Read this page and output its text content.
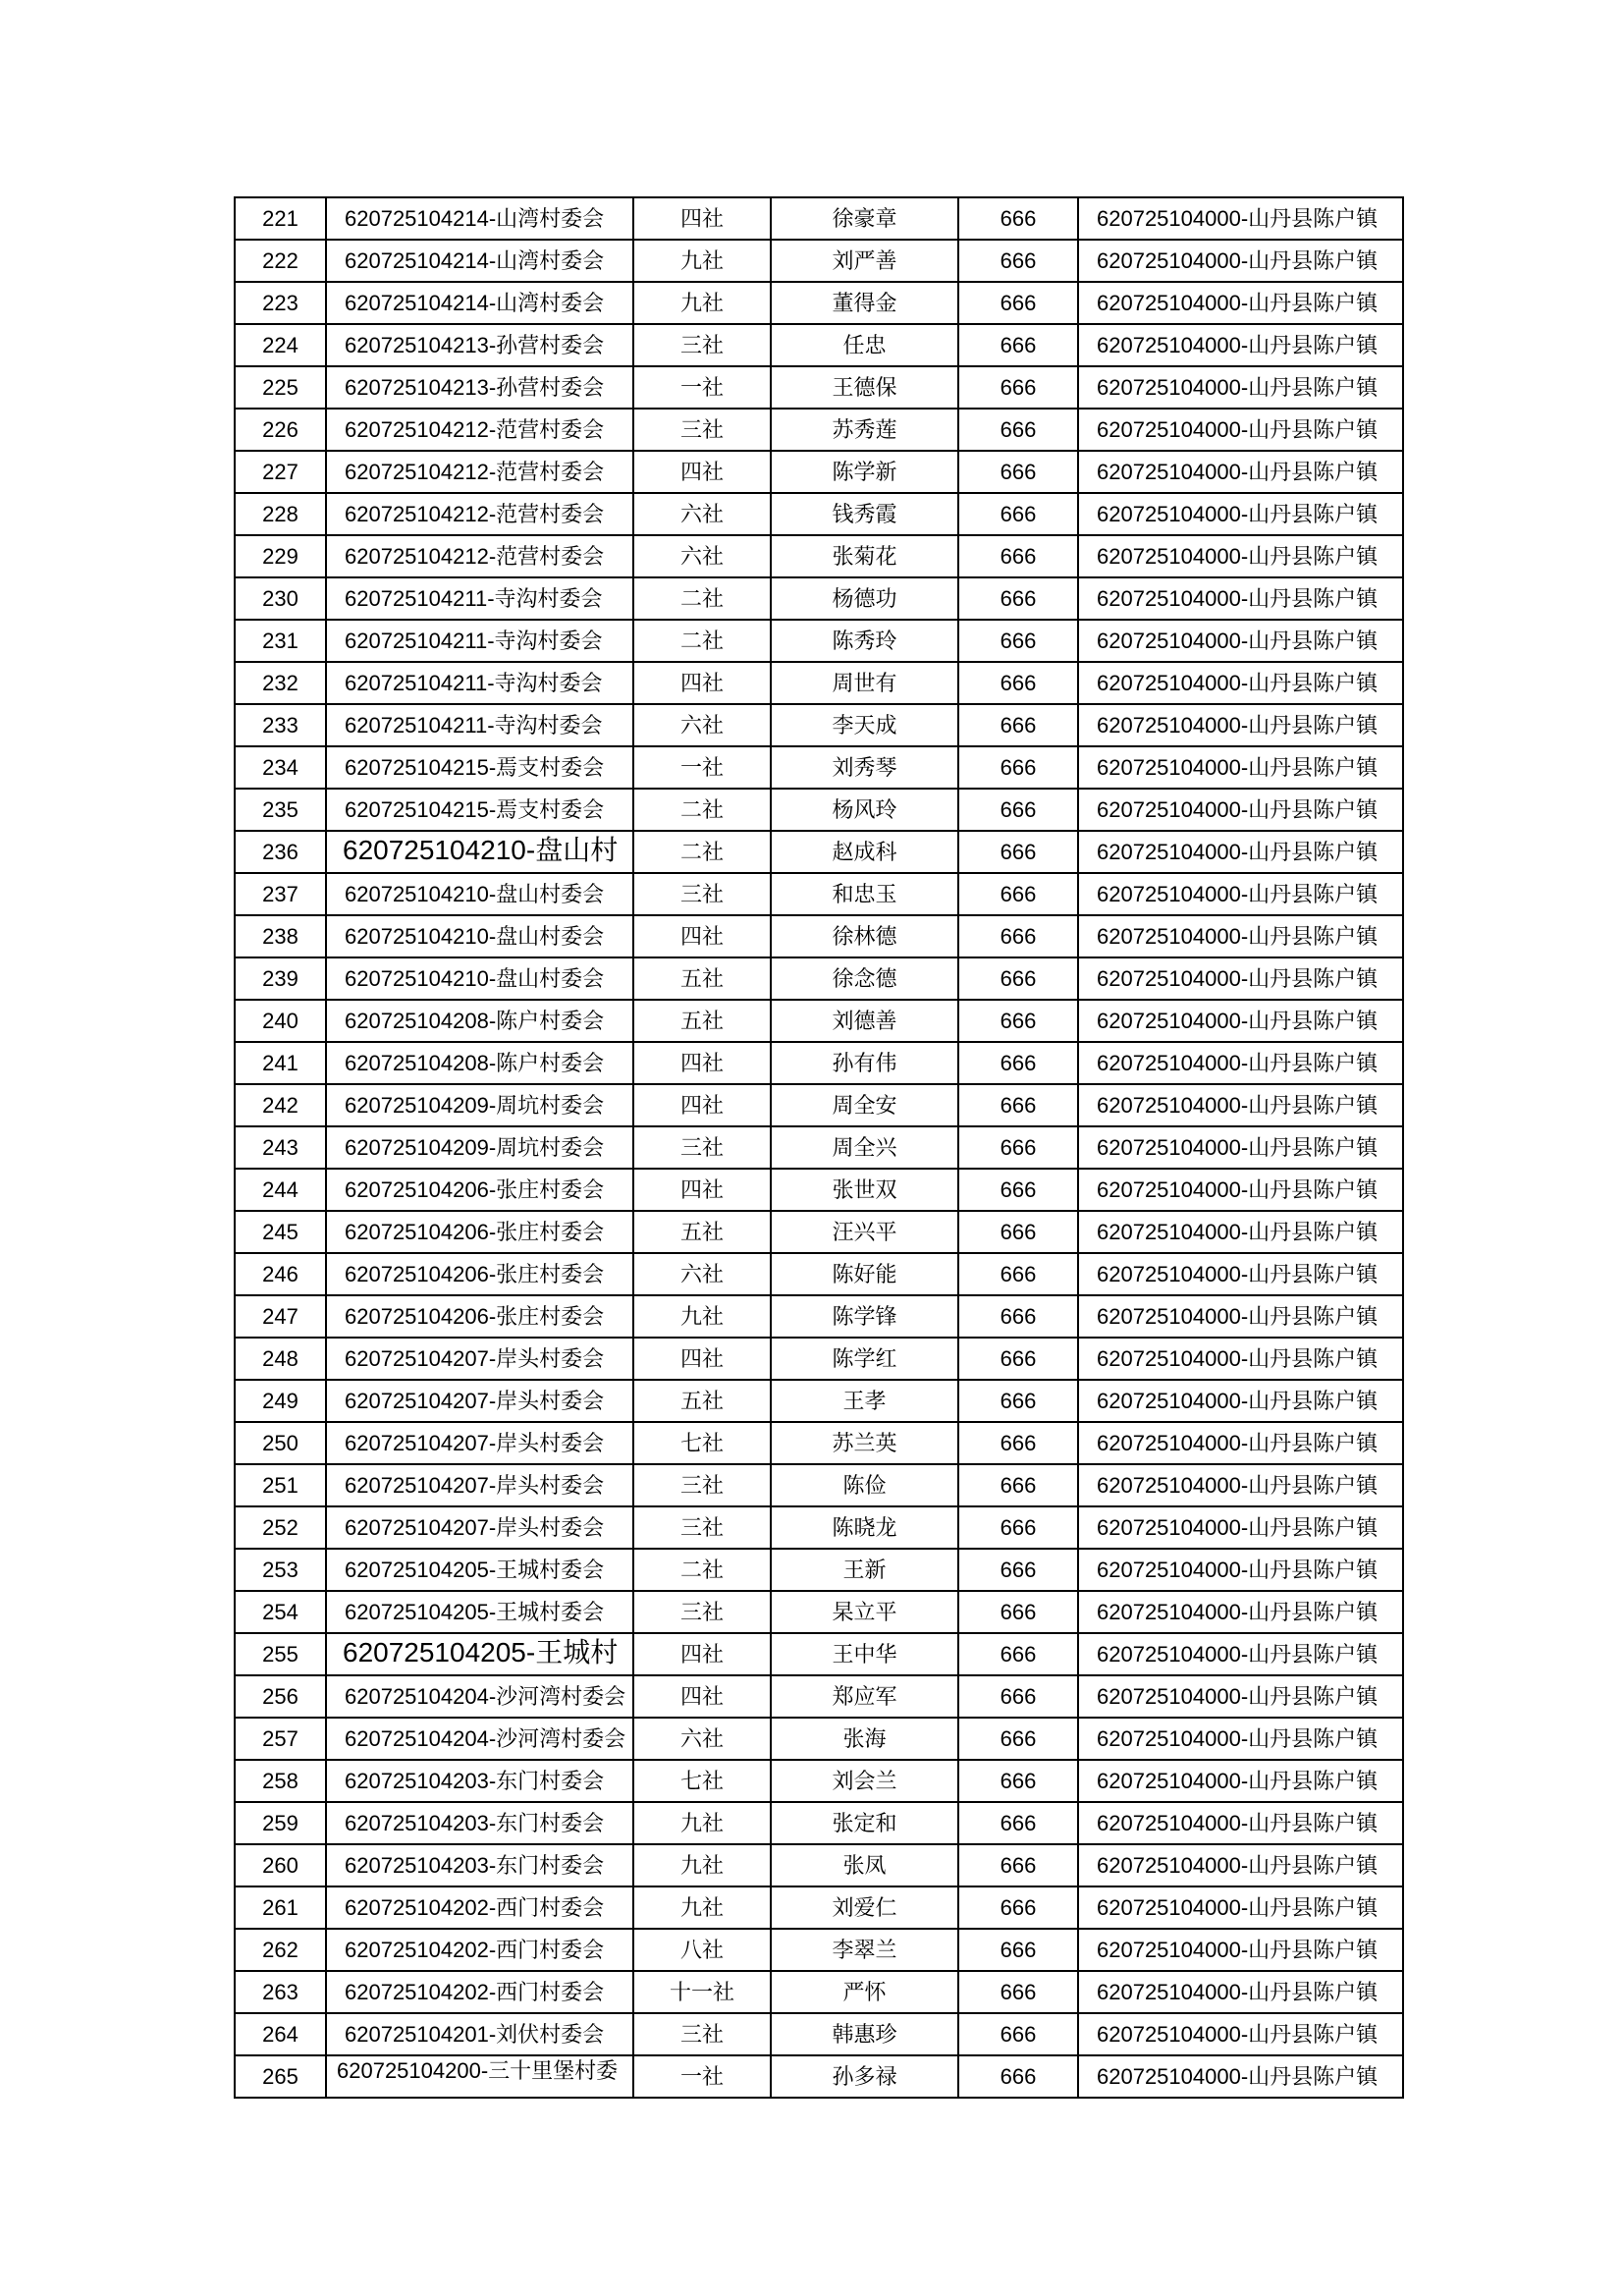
221	620725104214-山湾村委会	四社	徐豪章	666	620725104000-山丹县陈户镇
222	620725104214-山湾村委会	九社	刘严善	666	620725104000-山丹县陈户镇
223	620725104214-山湾村委会	九社	董得金	666	620725104000-山丹县陈户镇
224	620725104213-孙营村委会	三社	任忠	666	620725104000-山丹县陈户镇
225	620725104213-孙营村委会	一社	王德保	666	620725104000-山丹县陈户镇
226	620725104212-范营村委会	三社	苏秀莲	666	620725104000-山丹县陈户镇
227	620725104212-范营村委会	四社	陈学新	666	620725104000-山丹县陈户镇
228	620725104212-范营村委会	六社	钱秀霞	666	620725104000-山丹县陈户镇
229	620725104212-范营村委会	六社	张菊花	666	620725104000-山丹县陈户镇
230	620725104211-寺沟村委会	二社	杨德功	666	620725104000-山丹县陈户镇
231	620725104211-寺沟村委会	二社	陈秀玲	666	620725104000-山丹县陈户镇
232	620725104211-寺沟村委会	四社	周世有	666	620725104000-山丹县陈户镇
233	620725104211-寺沟村委会	六社	李天成	666	620725104000-山丹县陈户镇
234	620725104215-焉支村委会	一社	刘秀琴	666	620725104000-山丹县陈户镇
235	620725104215-焉支村委会	二社	杨风玲	666	620725104000-山丹县陈户镇
236	620725104210-盘山村	二社	赵成科	666	620725104000-山丹县陈户镇
237	620725104210-盘山村委会	三社	和忠玉	666	620725104000-山丹县陈户镇
238	620725104210-盘山村委会	四社	徐林德	666	620725104000-山丹县陈户镇
239	620725104210-盘山村委会	五社	徐念德	666	620725104000-山丹县陈户镇
240	620725104208-陈户村委会	五社	刘德善	666	620725104000-山丹县陈户镇
241	620725104208-陈户村委会	四社	孙有伟	666	620725104000-山丹县陈户镇
242	620725104209-周坑村委会	四社	周全安	666	620725104000-山丹县陈户镇
243	620725104209-周坑村委会	三社	周全兴	666	620725104000-山丹县陈户镇
244	620725104206-张庄村委会	四社	张世双	666	620725104000-山丹县陈户镇
245	620725104206-张庄村委会	五社	汪兴平	666	620725104000-山丹县陈户镇
246	620725104206-张庄村委会	六社	陈好能	666	620725104000-山丹县陈户镇
247	620725104206-张庄村委会	九社	陈学锋	666	620725104000-山丹县陈户镇
248	620725104207-岸头村委会	四社	陈学红	666	620725104000-山丹县陈户镇
249	620725104207-岸头村委会	五社	王孝	666	620725104000-山丹县陈户镇
250	620725104207-岸头村委会	七社	苏兰英	666	620725104000-山丹县陈户镇
251	620725104207-岸头村委会	三社	陈俭	666	620725104000-山丹县陈户镇
252	620725104207-岸头村委会	三社	陈晓龙	666	620725104000-山丹县陈户镇
253	620725104205-王城村委会	二社	王新	666	620725104000-山丹县陈户镇
254	620725104205-王城村委会	三社	杲立平	666	620725104000-山丹县陈户镇
255	620725104205-王城村	四社	王中华	666	620725104000-山丹县陈户镇
256	620725104204-沙河湾村委会	四社	郑应军	666	620725104000-山丹县陈户镇
257	620725104204-沙河湾村委会	六社	张海	666	620725104000-山丹县陈户镇
258	620725104203-东门村委会	七社	刘会兰	666	620725104000-山丹县陈户镇
259	620725104203-东门村委会	九社	张定和	666	620725104000-山丹县陈户镇
260	620725104203-东门村委会	九社	张凤	666	620725104000-山丹县陈户镇
261	620725104202-西门村委会	九社	刘爱仁	666	620725104000-山丹县陈户镇
262	620725104202-西门村委会	八社	李翠兰	666	620725104000-山丹县陈户镇
263	620725104202-西门村委会	十一社	严怀	666	620725104000-山丹县陈户镇
264	620725104201-刘伏村委会	三社	韩惠珍	666	620725104000-山丹县陈户镇
265	620725104200-三十里堡村委	一社	孙多禄	666	620725104000-山丹县陈户镇
